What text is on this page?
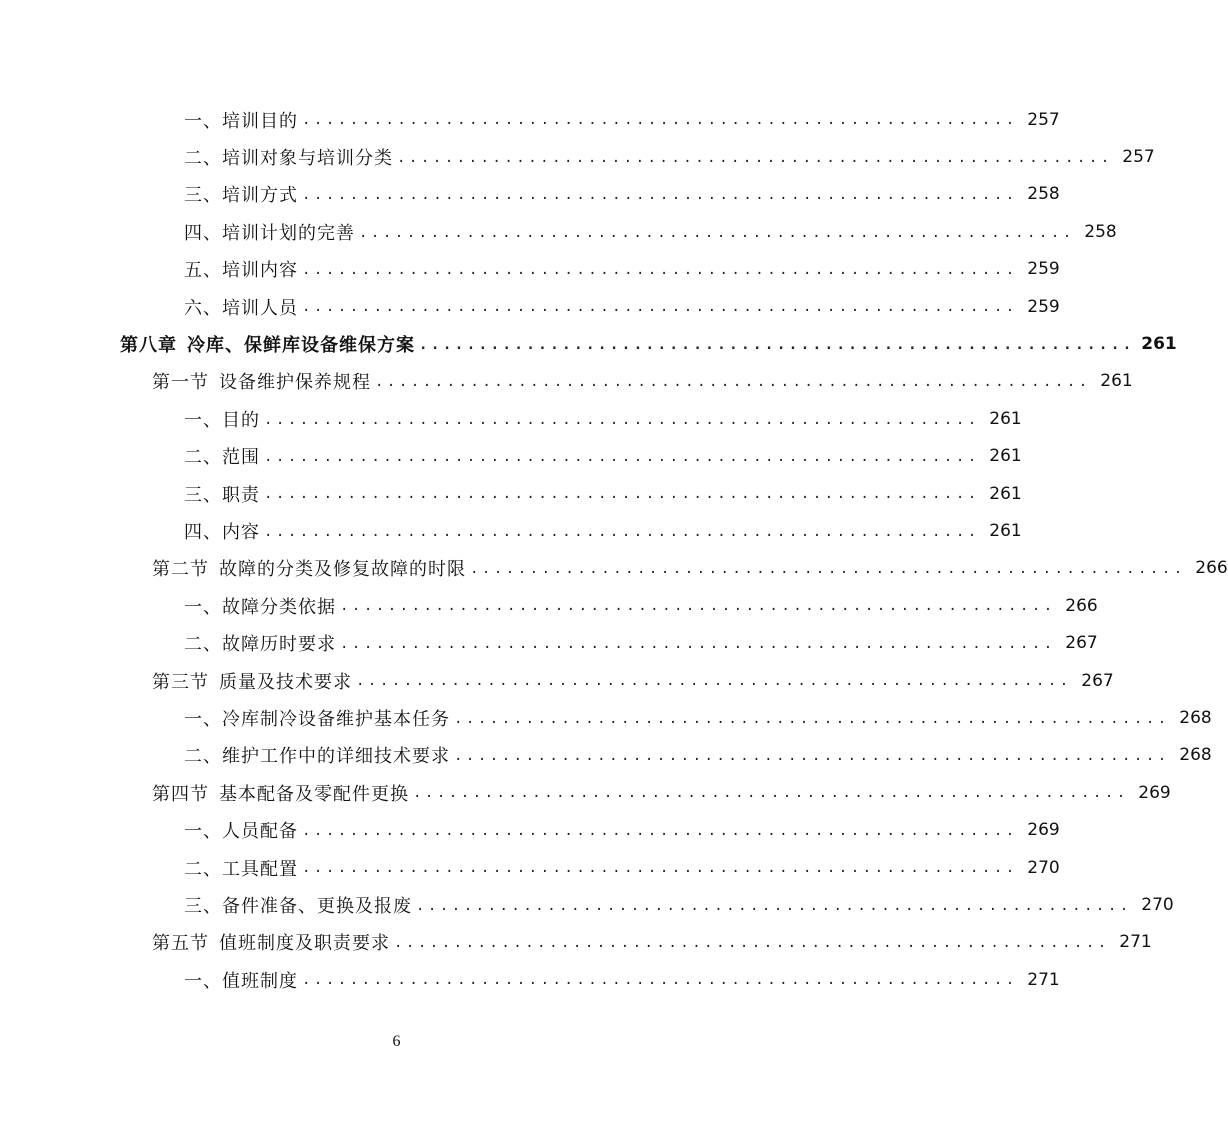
一、培训目的 ............................................................ 257
二、培训对象与培训分类 ............................................................ 257
三、培训方式 ............................................................ 258
四、培训计划的完善 ............................................................ 258
五、培训内容 ............................................................ 259
六、培训人员 ............................................................ 259
第八章 冷库、保鲜库设备维保方案 ............................................................ 261
第一节 设备维护保养规程 ............................................................ 261
一、目的 ............................................................ 261
二、范围 ............................................................ 261
三、职责 ............................................................ 261
四、内容 ............................................................ 261
第二节 故障的分类及修复故障的时限 ............................................................ 266
一、故障分类依据 ............................................................ 266
二、故障历时要求 ............................................................ 267
第三节 质量及技术要求 ............................................................ 267
一、冷库制冷设备维护基本任务 ............................................................ 268
二、维护工作中的详细技术要求 ............................................................ 268
第四节 基本配备及零配件更换 ............................................................ 269
一、人员配备 ............................................................ 269
二、工具配置 ............................................................ 270
三、备件准备、更换及报废 ............................................................ 270
第五节 值班制度及职责要求 ............................................................ 271
一、值班制度 ............................................................ 271
6
